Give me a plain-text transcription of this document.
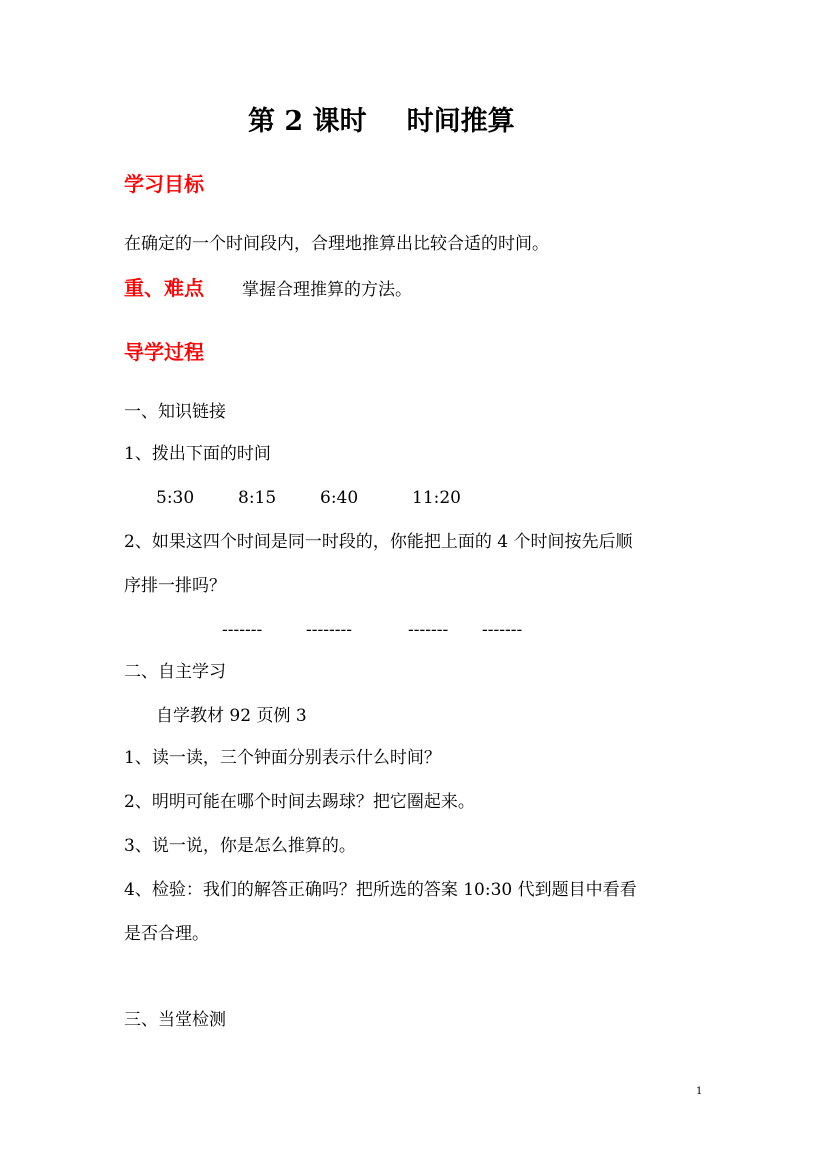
第 2 课时 时间推算
学习目标
在确定的一个时间段内，合理地推算出比较合适的时间。
重、难点 掌握合理推算的方法。
导学过程
一、知识链接
1、拨出下面的时间
5:30	8:15	6:40	11:20
2、如果这四个时间是同一时段的，你能把上面的 4 个时间按先后顺
序排一排吗？
-------	--------	------- -------
二、自主学习
自学教材 92 页例 3
1、读一读，三个钟面分别表示什么时间？
2、明明可能在哪个时间去踢球？把它圈起来。
3、说一说，你是怎么推算的。
4、检验：我们的解答正确吗？把所选的答案 10:30 代到题目中看看
是否合理。
三、当堂检测
1
